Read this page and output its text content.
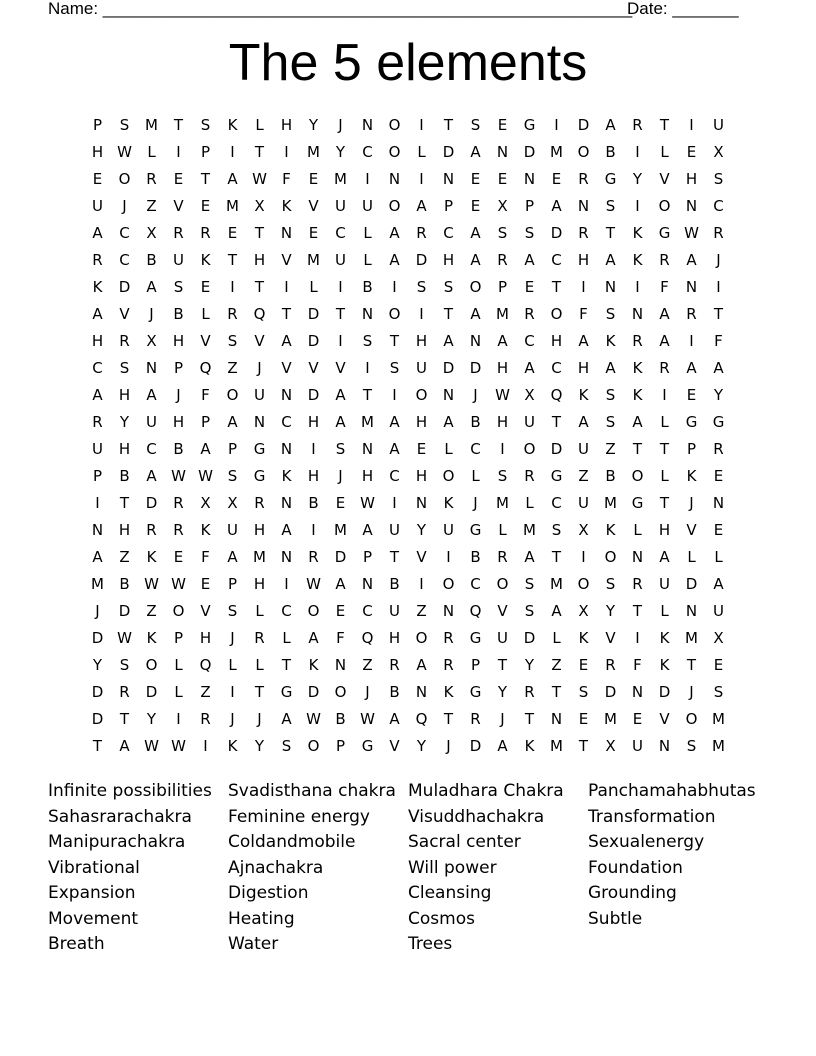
Name: ________________________________________________________
Date: _______
The 5 elements
P	S	M	T	S	K	L	H	Y	J	N	O	I	T	S	E	G	I	D	A	R	T	I	U
H W	L	I	P	I	T	I	M	Y	C	O	L	D	A	N	D M O	B	I	L	E	X
E	O	R	E	T	A W	F	E	M	I	N	I	N	E	E	N	E	R	G	Y	V	H	S
U	J	Z	V	E	M	X	K	V	U	U	O	A	P	E	X	P	A	N	S	I	O	N	C
A	C	X	R	R	E	T	N	E	C	L	A	R	C	A	S	S	D	R	T	K	G W R
R	C	B	U	K	T	H	V	M	U	L	A	D	H	A	R	A	C	H	A	K	R	A	J
K	D	A	S	E	I	T	I	L	I	B	I	S	S	O	P	E	T	I	N	I	F	N	I
A	V	J	B	L	R	Q	T	D	T	N	O	I	T	A	M	R	O	F	S	N	A	R	T
H	R	X	H	V	S	V	A	D	I	S	T	H	A	N	A	C	H	A	K	R	A	I	F
C	S	N	P	Q	Z	J	V	V	V	I	S	U	D	D	H	A	C	H	A	K	R	A	A
A	H	A	J	F	O	U	N	D	A	T	I	O	N	J	W X	Q	K	S	K	I	E	Y
R	Y	U	H	P	A	N	C	H	A	M	A	H	A	B	H	U	T	A	S	A	L	G	G
U	H	C	B	A	P	G	N	I	S	N	A	E	L	C	I	O	D	U	Z	T	T	P	R
P	B	A W W S	G	K	H	J	H	C	H	O	L	S	R	G	Z	B	O	L	K	E
I	T	D	R	X	X	R	N	B	E W	I	N	K	J	M	L	C	U	M G	T	J	N
N	H	R	R	K	U	H	A	I	M	A	U	Y	U	G	L	M	S	X	K	L	H	V	E
A	Z	K	E	F	A	M N	R	D	P	T	V	I	B	R	A	T	I	O	N	A	L	L
M	B W W E	P	H	I	W A	N	B	I	O	C	O	S	M O	S	R	U	D	A
J	D	Z	O	V	S	L	C	O	E	C	U	Z	N	Q	V	S	A	X	Y	T	L	N	U
D W K	P	H	J	R	L	A	F	Q	H	O	R	G	U	D	L	K	V	I	K	M	X
Y	S	O	L	Q	L	L	T	K	N	Z	R	A	R	P	T	Y	Z	E	R	F	K	T	E
D	R	D	L	Z	I	T	G	D	O	J	B	N	K	G	Y	R	T	S	D	N	D	J	S
D	T	Y	I	R	J	J	A W B W A	Q	T	R	J	T	N	E	M	E	V	O M
T	A W W	I	K	Y	S	O	P	G	V	Y	J	D	A	K	M	T	X	U	N	S	M
Infinite possibilities
Sahasrarachakra
Manipurachakra
Vibrational
Expansion
Movement
Breath
Svadisthana chakra
Feminine energy
Coldandmobile
Ajnachakra
Digestion
Heating
Water
Muladhara Chakra
Visuddhachakra
Sacral center
Will power
Cleansing
Cosmos
Trees
Panchamahabhutas
Transformation
Sexualenergy
Foundation
Grounding
Subtle
